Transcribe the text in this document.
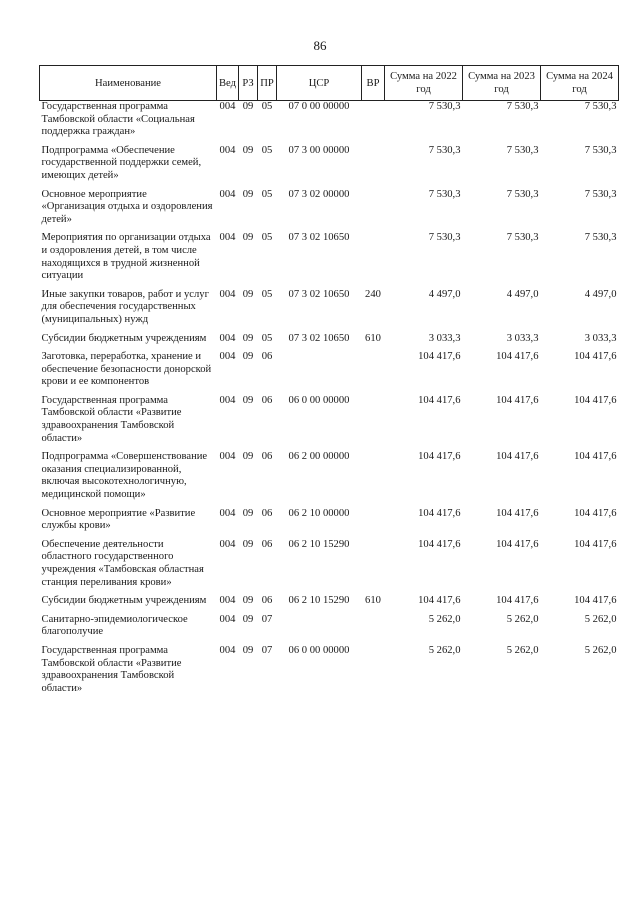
86
Наименование	Вед	РЗ	ПР	ЦСР	ВР	Сумма на 2022 год	Сумма на 2023 год	Сумма на 2024 год
Государственная программа Тамбовской области «Социальная поддержка граждан»	004	09	05	07 0 00 00000		7 530,3	7 530,3	7 530,3
Подпрограмма «Обеспечение государственной поддержки семей, имеющих детей»	004	09	05	07 3 00 00000		7 530,3	7 530,3	7 530,3
Основное мероприятие «Организация отдыха и оздоровления детей»	004	09	05	07 3 02 00000		7 530,3	7 530,3	7 530,3
Мероприятия по организации отдыха и оздоровления детей, в том числе находящихся в трудной жизненной ситуации	004	09	05	07 3 02 10650		7 530,3	7 530,3	7 530,3
Иные закупки товаров, работ и услуг для обеспечения государственных (муниципальных) нужд	004	09	05	07 3 02 10650	240	4 497,0	4 497,0	4 497,0
Субсидии бюджетным учреждениям	004	09	05	07 3 02 10650	610	3 033,3	3 033,3	3 033,3
Заготовка, переработка, хранение и обеспечение безопасности донорской крови и ее компонентов	004	09	06			104 417,6	104 417,6	104 417,6
Государственная программа Тамбовской области «Развитие здравоохранения Тамбовской области»	004	09	06	06 0 00 00000		104 417,6	104 417,6	104 417,6
Подпрограмма «Совершенствование оказания специализированной, включая высокотехнологичную, медицинской помощи»	004	09	06	06 2 00 00000		104 417,6	104 417,6	104 417,6
Основное мероприятие «Развитие службы крови»	004	09	06	06 2 10 00000		104 417,6	104 417,6	104 417,6
Обеспечение деятельности областного государственного учреждения «Тамбовская областная станция переливания крови»	004	09	06	06 2 10 15290		104 417,6	104 417,6	104 417,6
Субсидии бюджетным учреждениям	004	09	06	06 2 10 15290	610	104 417,6	104 417,6	104 417,6
Санитарно-эпидемиологическое благополучие	004	09	07			5 262,0	5 262,0	5 262,0
Государственная программа Тамбовской области «Развитие здравоохранения Тамбовской области»	004	09	07	06 0 00 00000		5 262,0	5 262,0	5 262,0
